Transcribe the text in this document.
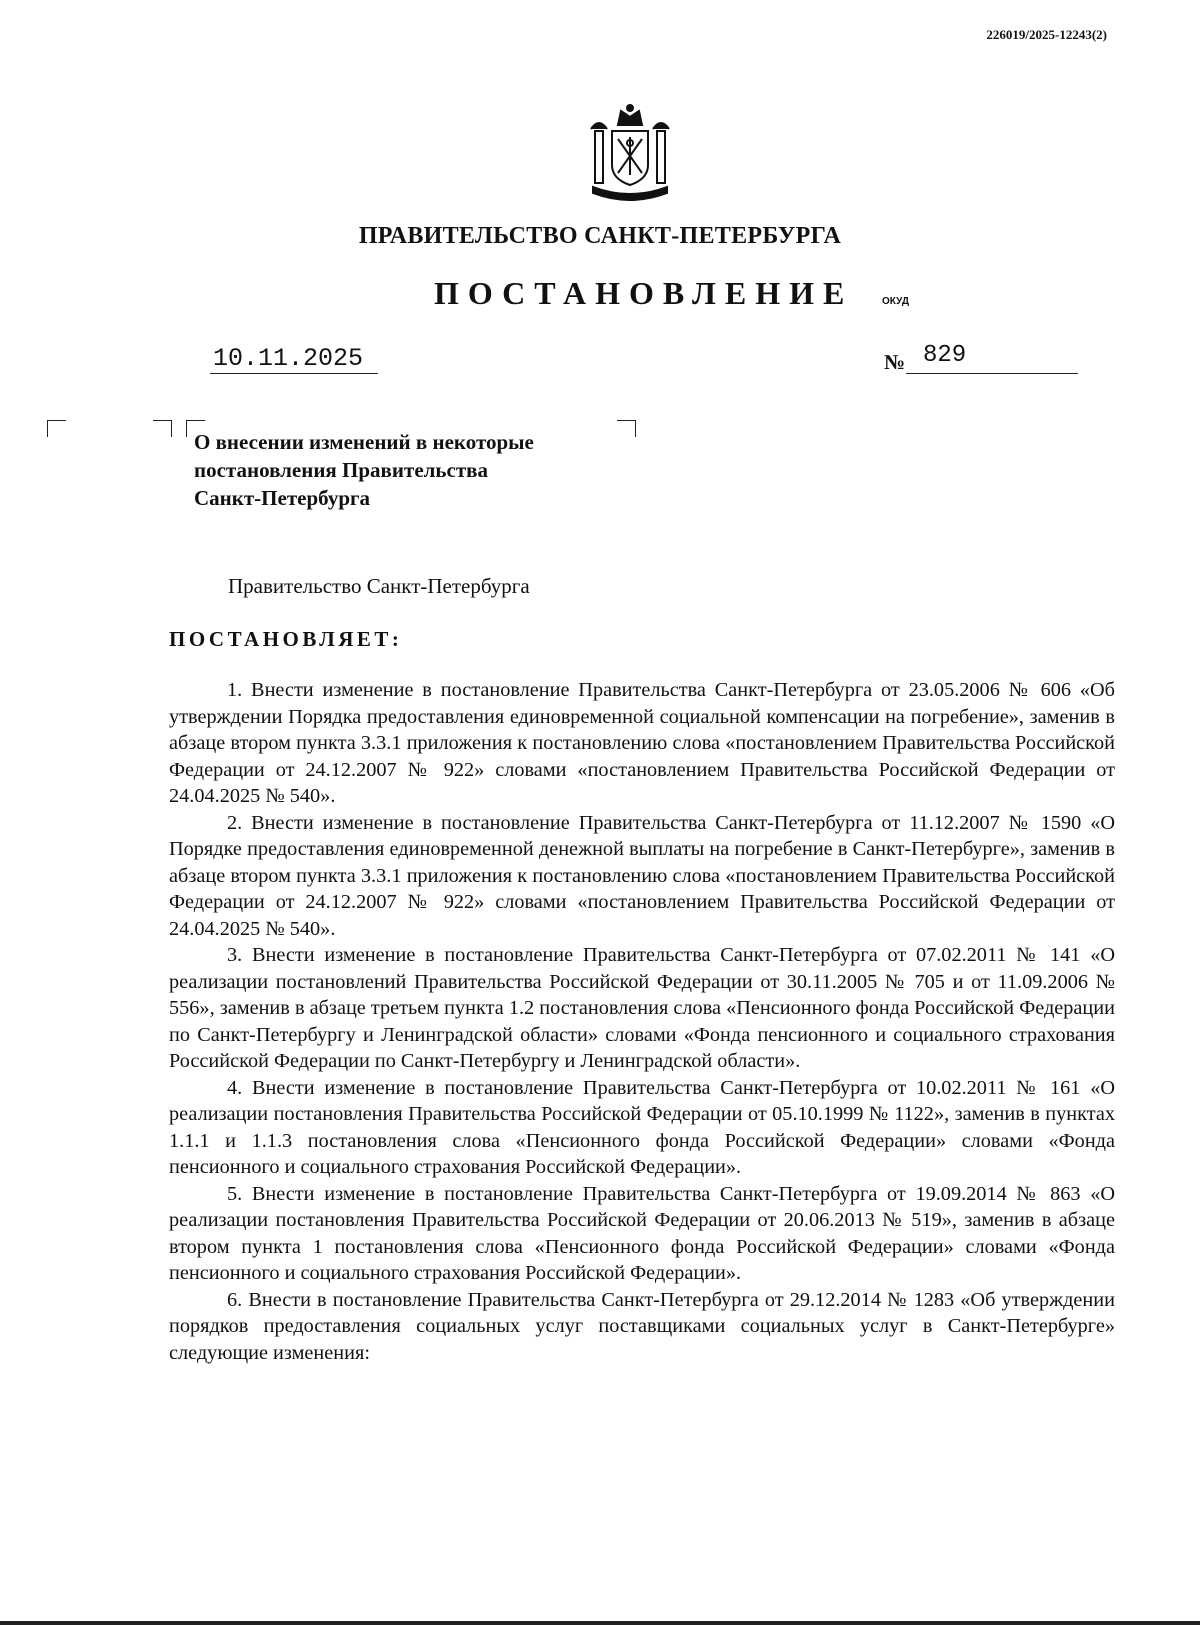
226019/2025-12243(2)
ПРАВИТЕЛЬСТВО САНКТ-ПЕТЕРБУРГА
ПОСТАНОВЛЕНИЕ	ОКУД
10.11.2025	№ 829
О внесении изменений в некоторые
постановления Правительства
Санкт-Петербурга
Правительство Санкт-Петербурга
ПОСТАНОВЛЯЕТ:

1. Внести изменение в постановление Правительства Санкт-Петербурга от 23.05.2006 № 606 «Об утверждении Порядка предоставления единовременной социальной компенсации на погребение», заменив в абзаце втором пункта 3.3.1 приложения к постановлению слова «постановлением Правительства Российской Федерации от 24.12.2007 № 922» словами «постановлением Правительства Российской Федерации от 24.04.2025 № 540».

2. Внести изменение в постановление Правительства Санкт-Петербурга от 11.12.2007 № 1590 «О Порядке предоставления единовременной денежной выплаты на погребение в Санкт-Петербурге», заменив в абзаце втором пункта 3.3.1 приложения к постановлению слова «постановлением Правительства Российской Федерации от 24.12.2007 № 922» словами «постановлением Правительства Российской Федерации от 24.04.2025 № 540».

3. Внести изменение в постановление Правительства Санкт-Петербурга от 07.02.2011 № 141 «О реализации постановлений Правительства Российской Федерации от 30.11.2005 № 705 и от 11.09.2006 № 556», заменив в абзаце третьем пункта 1.2 постановления слова «Пенсионного фонда Российской Федерации по Санкт-Петербургу и Ленинградской области» словами «Фонда пенсионного и социального страхования Российской Федерации по Санкт-Петербургу и Ленинградской области».

4. Внести изменение в постановление Правительства Санкт-Петербурга от 10.02.2011 № 161 «О реализации постановления Правительства Российской Федерации от 05.10.1999 № 1122», заменив в пунктах 1.1.1 и 1.1.3 постановления слова «Пенсионного фонда Российской Федерации» словами «Фонда пенсионного и социального страхования Российской Федерации».

5. Внести изменение в постановление Правительства Санкт-Петербурга от 19.09.2014 № 863 «О реализации постановления Правительства Российской Федерации от 20.06.2013 № 519», заменив в абзаце втором пункта 1 постановления слова «Пенсионного фонда Российской Федерации» словами «Фонда пенсионного и социального страхования Российской Федерации».

6. Внести в постановление Правительства Санкт-Петербурга от 29.12.2014 № 1283 «Об утверждении порядков предоставления социальных услуг поставщиками социальных услуг в Санкт-Петербурге» следующие изменения:
